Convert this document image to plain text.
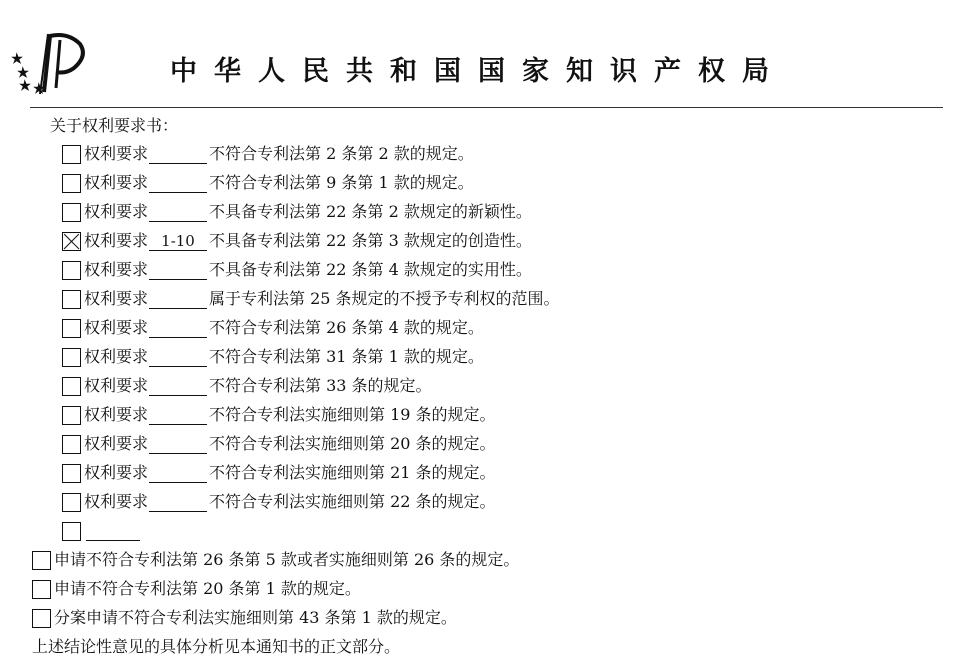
中华人民共和国国家知识产权局
关于权利要求书：
权利要求	不符合专利法第 2 条第 2 款的规定。
权利要求	不符合专利法第 9 条第 1 款的规定。
权利要求	不具备专利法第 22 条第 2 款规定的新颖性。
权利要求 1-10 不具备专利法第 22 条第 3 款规定的创造性。
权利要求	不具备专利法第 22 条第 4 款规定的实用性。
权利要求	属于专利法第 25 条规定的不授予专利权的范围。
权利要求	不符合专利法第 26 条第 4 款的规定。
权利要求	不符合专利法第 31 条第 1 款的规定。
权利要求	不符合专利法第 33 条的规定。
权利要求	不符合专利法实施细则第 19 条的规定。
权利要求	不符合专利法实施细则第 20 条的规定。
权利要求	不符合专利法实施细则第 21 条的规定。
权利要求	不符合专利法实施细则第 22 条的规定。
申请不符合专利法第 26 条第 5 款或者实施细则第 26 条的规定。
申请不符合专利法第 20 条第 1 款的规定。
分案申请不符合专利法实施细则第 43 条第 1 款的规定。
上述结论性意见的具体分析见本通知书的正文部分。
